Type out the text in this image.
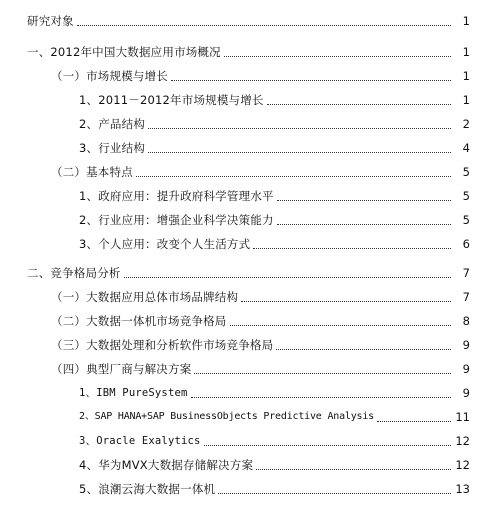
研究对象	1
一、2012年中国大数据应用市场概况	1
（一）市场规模与增长	1
1、2011－2012年市场规模与增长	1
2、产品结构	2
3、行业结构	4
（二）基本特点	5
1、政府应用：提升政府科学管理水平	5
2、行业应用：增强企业科学决策能力	5
3、个人应用：改变个人生活方式	6
二、竞争格局分析	7
（一）大数据应用总体市场品牌结构	7
（二）大数据一体机市场竞争格局	8
（三）大数据处理和分析软件市场竞争格局	9
（四）典型厂商与解决方案	9
1、IBM PureSystem	9
2、SAP HANA+SAP BusinessObjects Predictive Analysis	11
3、Oracle Exalytics	12
4、华为MVX大数据存储解决方案	12
5、浪潮云海大数据一体机	13
